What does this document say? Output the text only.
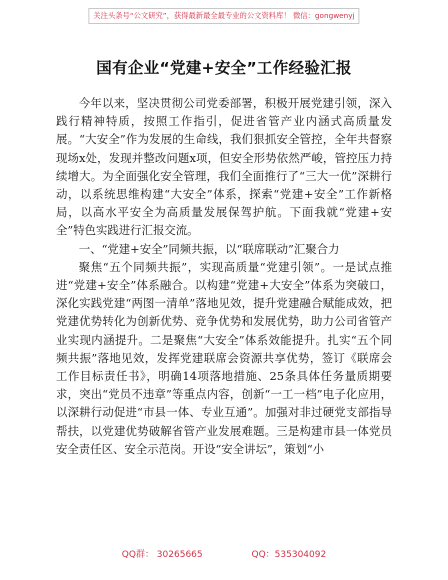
关注头条号“公文研究”，获得最新最全最专业的公文资料库！ 微信：gongwenyj
国有企业“党建+安全”工作经验汇报

今年以来，坚决贯彻公司党委部署，积极开展党建引领，深入践行精神特质，按照工作指引，促进省管产业内涵式高质量发展。“大安全”作为发展的生命线，我们狠抓安全管控，全年共督察现场x处，发现并整改问题x项，但安全形势依然严峻，管控压力持续增大。为全面强化安全管理，我们全面推行了“三大一优”深耕行动，以系统思维构建“大安全”体系，探索“党建+安全”工作新格局，以高水平安全为高质量发展保驾护航。下面我就“党建+安全”特色实践进行汇报交流。

一、“党建+安全”同频共振，以“联席联动”汇聚合力

聚焦“五个同频共振”，实现高质量“党建引领”。一是试点推进“党建+安全”体系融合。以构建“党建+大安全”体系为突破口，深化实践党建“两图一清单”落地见效，提升党建融合赋能成效，把党建优势转化为创新优势、竞争优势和发展优势，助力公司省管产业实现内涵提升。二是聚焦“大安全”体系效能提升。扎实“五个同频共振”落地见效，发挥党建联席会资源共享优势，签订《联席会工作目标责任书》，明确14项落地措施、25条具体任务量质期要求，突出“党员不违章”等重点内容，创新“一工一档”电子化应用，以深耕行动促进“市县一体、专业互通”。加强对非过硬党支部指导帮扶，以党建优势破解省管产业发展难题。三是构建市县一体党员安全责任区、安全示范岗。开设“安全讲坛”，策划“小

QQ群： 30265665	QQ：535304092
